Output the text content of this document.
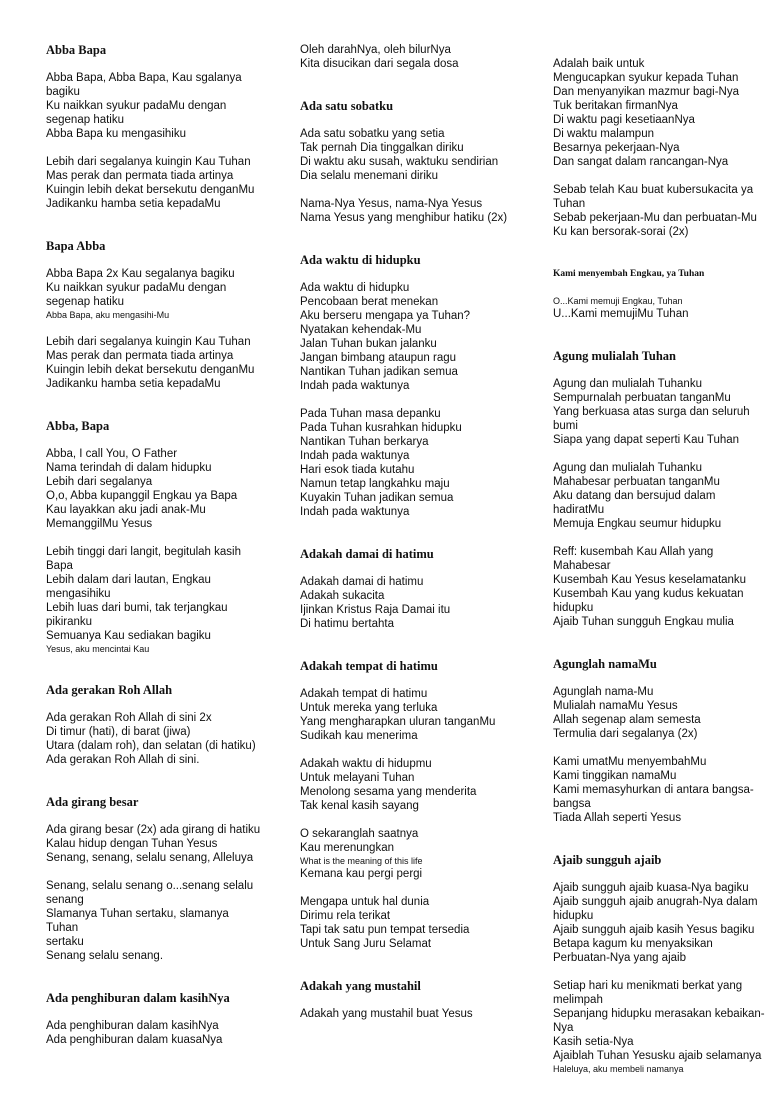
Abba Bapa
Abba Bapa, Abba Bapa, Kau sgalanya
bagiku
Ku naikkan syukur padaMu dengan
segenap hatiku
Abba Bapa ku mengasihiku
Lebih dari segalanya kuingin Kau Tuhan
Mas perak dan permata tiada artinya
Kuingin lebih dekat bersekutu denganMu
Jadikanku hamba setia kepadaMu
Bapa Abba
Abba Bapa 2x Kau segalanya bagiku
Ku naikkan syukur padaMu dengan
segenap hatiku
Abba Bapa, aku mengasihi-Mu
Lebih dari segalanya kuingin Kau Tuhan
Mas perak dan permata tiada artinya
Kuingin lebih dekat bersekutu denganMu
Jadikanku hamba setia kepadaMu
Abba, Bapa
Abba, I call You, O Father
Nama terindah di dalam hidupku
Lebih dari segalanya
O,o, Abba kupanggil Engkau ya Bapa
Kau layakkan aku jadi anak-Mu
MemanggilMu Yesus
Lebih tinggi dari langit, begitulah kasih Bapa
Lebih dalam dari lautan, Engkau
mengasihiku
Lebih luas dari bumi, tak terjangkau
pikiranku
Semuanya Kau sediakan bagiku
Yesus, aku mencintai Kau
Ada gerakan Roh Allah
Ada gerakan Roh Allah di sini 2x
Di timur (hati), di barat (jiwa)
Utara (dalam roh), dan selatan (di hatiku)
Ada gerakan Roh Allah di sini.
Ada girang besar
Ada girang besar (2x) ada girang di hatiku
Kalau hidup dengan Tuhan Yesus
Senang, senang, selalu senang, Alleluya
Senang, selalu senang o...senang selalu
senang
Slamanya Tuhan sertaku, slamanya Tuhan
sertaku
Senang selalu senang.
Ada penghiburan dalam kasihNya
Ada penghiburan dalam kasihNya
Ada penghiburan dalam kuasaNya
Oleh darahNya, oleh bilurNya
Kita disucikan dari segala dosa
Ada satu sobatku
Ada satu sobatku yang setia
Tak pernah Dia tinggalkan diriku
Di waktu aku susah, waktuku sendirian
Dia selalu menemani diriku
Nama-Nya Yesus, nama-Nya Yesus
Nama Yesus yang menghibur hatiku (2x)
Ada waktu di hidupku
Ada waktu di hidupku
Pencobaan berat menekan
Aku berseru mengapa ya Tuhan?
Nyatakan kehendak-Mu
Jalan Tuhan bukan jalanku
Jangan bimbang ataupun ragu
Nantikan Tuhan jadikan semua
Indah pada waktunya
Pada Tuhan masa depanku
Pada Tuhan kusrahkan hidupku
Nantikan Tuhan berkarya
Indah pada waktunya
Hari esok tiada kutahu
Namun tetap langkahku maju
Kuyakin Tuhan jadikan semua
Indah pada waktunya
Adakah damai di hatimu
Adakah damai di hatimu
Adakah sukacita
Ijinkan Kristus Raja Damai itu
Di hatimu bertahta
Adakah tempat di hatimu
Adakah tempat di hatimu
Untuk mereka yang terluka
Yang mengharapkan uluran tanganMu
Sudikah kau menerima
Adakah waktu di hidupmu
Untuk melayani Tuhan
Menolong sesama yang menderita
Tak kenal kasih sayang
O sekaranglah saatnya
Kau merenungkan
What is the meaning of this life
Kemana kau pergi pergi
Mengapa untuk hal dunia
Dirimu rela terikat
Tapi tak satu pun tempat tersedia
Untuk Sang Juru Selamat
Adakah yang mustahil
Adakah yang mustahil buat Yesus
Adalah baik untuk
Mengucapkan syukur kepada Tuhan
Dan menyanyikan mazmur bagi-Nya
Tuk beritakan firmanNya
Di waktu pagi kesetiaanNya
Di waktu malampun
Besarnya pekerjaan-Nya
Dan sangat dalam rancangan-Nya
Sebab telah Kau buat kubersukacita ya Tuhan
Sebab pekerjaan-Mu dan perbuatan-Mu
Ku kan bersorak-sorai (2x)
Kami menyembah Engkau, ya Tuhan
O...Kami memuji Engkau, Tuhan
U...Kami memujiMu Tuhan
Agung mulialah Tuhan
Agung dan mulialah Tuhanku
Sempurnalah perbuatan tanganMu
Yang berkuasa atas surga dan seluruh
bumi
Siapa yang dapat seperti Kau Tuhan
Agung dan mulialah Tuhanku
Mahabesar perbuatan tanganMu
Aku datang dan bersujud dalam hadiratMu
Memuja Engkau seumur hidupku
Reff: kusembah Kau Allah yang Mahabesar
Kusembah Kau Yesus keselamatanku
Kusembah Kau yang kudus kekuatan
hidupku
Ajaib Tuhan sungguh Engkau mulia
Agunglah namaMu
Agunglah nama-Mu
Mulialah namaMu Yesus
Allah segenap alam semesta
Termulia dari segalanya (2x)
Kami umatMu menyembahMu
Kami tinggikan namaMu
Kami memasyhurkan di antara bangsa-bangsa
Tiada Allah seperti Yesus
Ajaib sungguh ajaib
Ajaib sungguh ajaib kuasa-Nya bagiku
Ajaib sungguh ajaib anugrah-Nya dalam
hidupku
Ajaib sungguh ajaib kasih Yesus bagiku
Betapa kagum ku menyaksikan
Perbuatan-Nya yang ajaib
Setiap hari ku menikmati berkat yang
melimpah
Sepanjang hidupku merasakan kebaikan-
Nya
Kasih setia-Nya
Ajaiblah Tuhan Yesusku ajaib selamanya
Haleluya, aku membeli namanya
